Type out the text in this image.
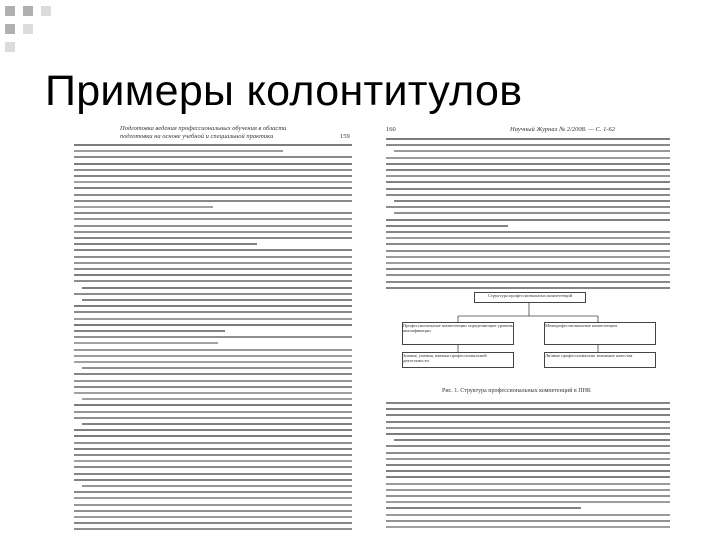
Примеры колонтитулов
Подготовка ведения профессиональных обучения в области
подготовки на основе учебной и специальной практики	159
160	Научный Журнал № 2/2008. — С. 1-62
Структура профессиональных компетенций
Профессиональные компетенции определяющие уровень квалификации
Межпрофессиональные компетенции
Знания, умения, навыки профессиональной деятельности
Личные профессионально значимые качества
Рис. 1. Структура профессиональных компетенций в ПНК
